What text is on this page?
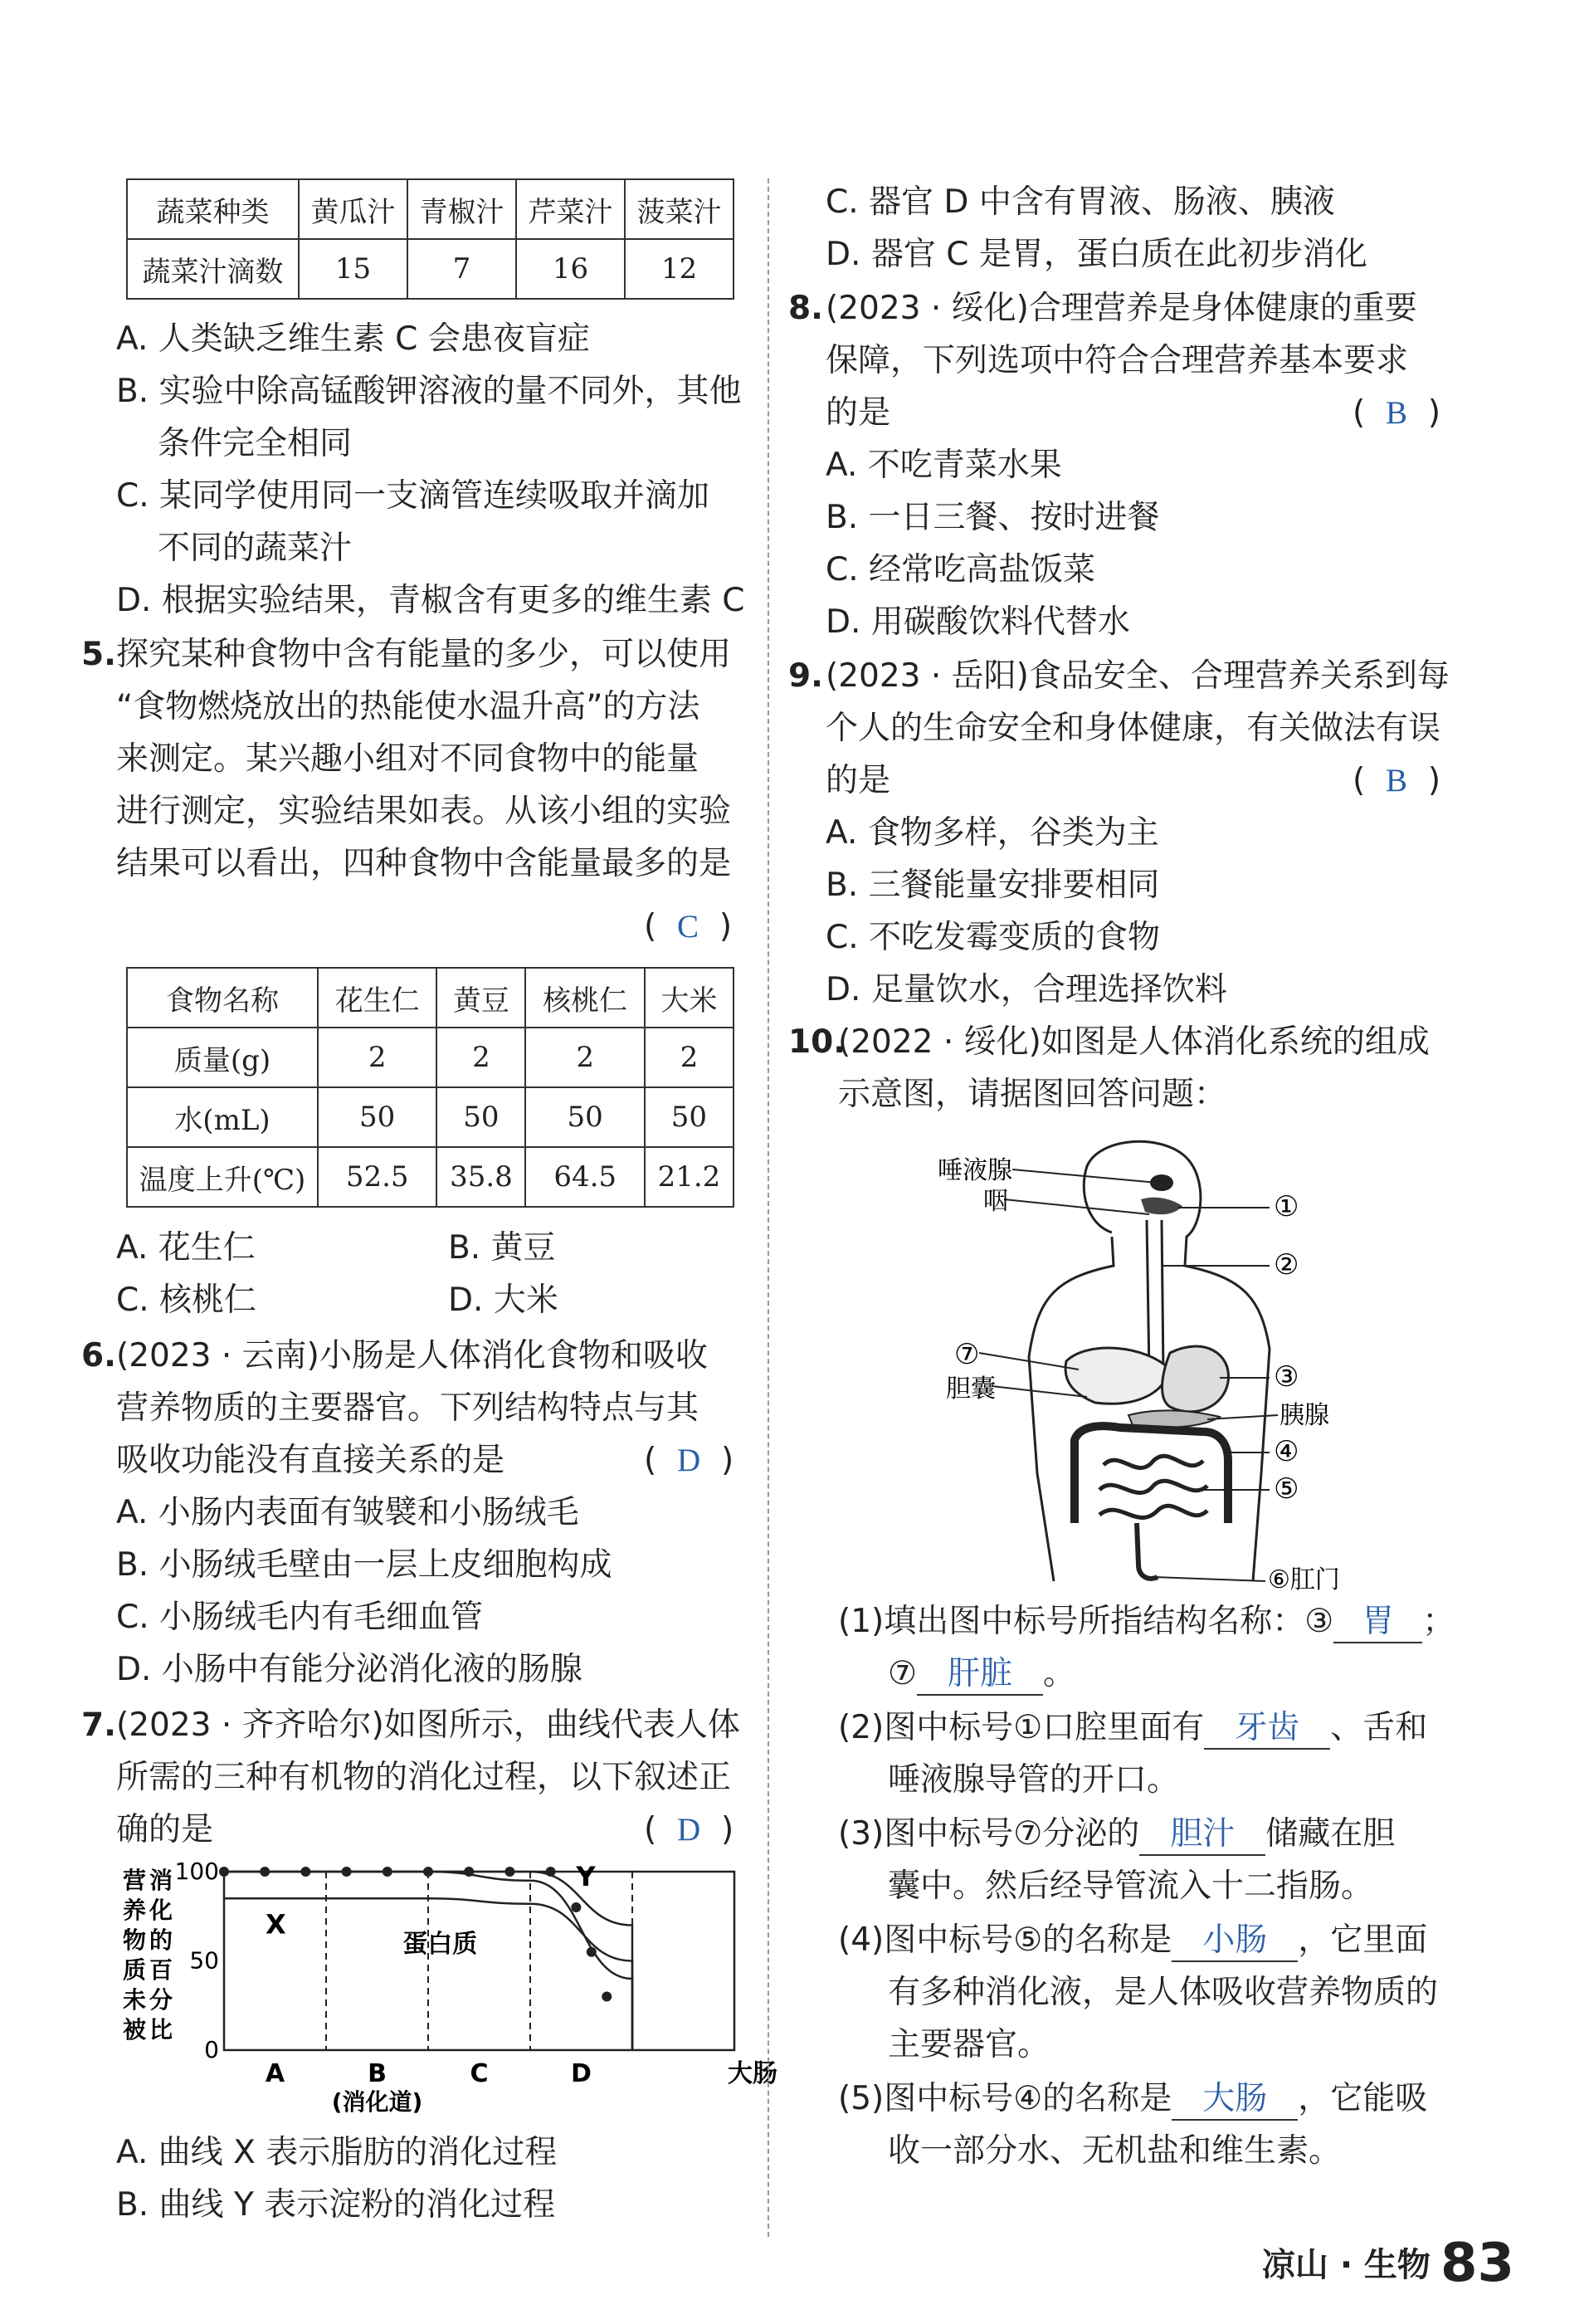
蔬菜种类	黄瓜汁	青椒汁	芹菜汁	菠菜汁
蔬菜汁滴数	15	7	16	12
A. 人类缺乏维生素 C 会患夜盲症
B. 实验中除高锰酸钾溶液的量不同外，其他
条件完全相同
C. 某同学使用同一支滴管连续吸取并滴加
不同的蔬菜汁
D. 根据实验结果，青椒含有更多的维生素 C
5. 探究某种食物中含有能量的多少，可以使用
“食物燃烧放出的热能使水温升高”的方法
来测定。某兴趣小组对不同食物中的能量
进行测定，实验结果如表。从该小组的实验
结果可以看出，四种食物中含能量最多的是
(  C  )
食物名称	花生仁	黄豆	核桃仁	大米
质量(g)	2	2	2	2
水(mL)	50	50	50	50
温度上升(℃)	52.5	35.8	64.5	21.2
A. 花生仁	B. 黄豆
C. 核桃仁	D. 大米
6. (2023 · 云南)小肠是人体消化食物和吸收
营养物质的主要器官。下列结构特点与其
吸收功能没有直接关系的是	(  D  )
A. 小肠内表面有皱襞和小肠绒毛
B. 小肠绒毛壁由一层上皮细胞构成
C. 小肠绒毛内有毛细血管
D. 小肠中有能分泌消化液的肠腺
7. (2023 · 齐齐哈尔)如图所示，曲线代表人体
所需的三种有机物的消化过程，以下叙述正
确的是	(  D  )
营
养
物
质
未
被
消
化
的
百
分
比
100
50
0
A	B	C	D	大肠
(消化道)
X
Y
蛋白质
A. 曲线 X 表示脂肪的消化过程
B. 曲线 Y 表示淀粉的消化过程
C. 器官 D 中含有胃液、肠液、胰液
D. 器官 C 是胃，蛋白质在此初步消化
8. (2023 · 绥化)合理营养是身体健康的重要
保障，下列选项中符合合理营养基本要求
的是	(  B  )
A. 不吃青菜水果
B. 一日三餐、按时进餐
C. 经常吃高盐饭菜
D. 用碳酸饮料代替水
9. (2023 · 岳阳)食品安全、合理营养关系到每
个人的生命安全和身体健康，有关做法有误
的是	(  B  )
A. 食物多样，谷类为主
B. 三餐能量安排要相同
C. 不吃发霉变质的食物
D. 足量饮水，合理选择饮料
10.
(2022 · 绥化)如图是人体消化系统的组成
示意图，请据图回答问题：
唾液腺
咽	①
②
③
⑦
胆囊
胰腺
④
⑤
⑥肛门
(1)填出图中标号所指结构名称：③ 胃 ；
⑦ 肝脏 。
(2)图中标号①口腔里面有 牙齿 、舌和
唾液腺导管的开口。
(3)图中标号⑦分泌的 胆汁 储藏在胆
囊中。然后经导管流入十二指肠。
(4)图中标号⑤的名称是 小肠 ，它里面
有多种消化液，是人体吸收营养物质的
主要器官。
(5)图中标号④的名称是 大肠 ，它能吸
收一部分水、无机盐和维生素。
凉山 · 生物 83
